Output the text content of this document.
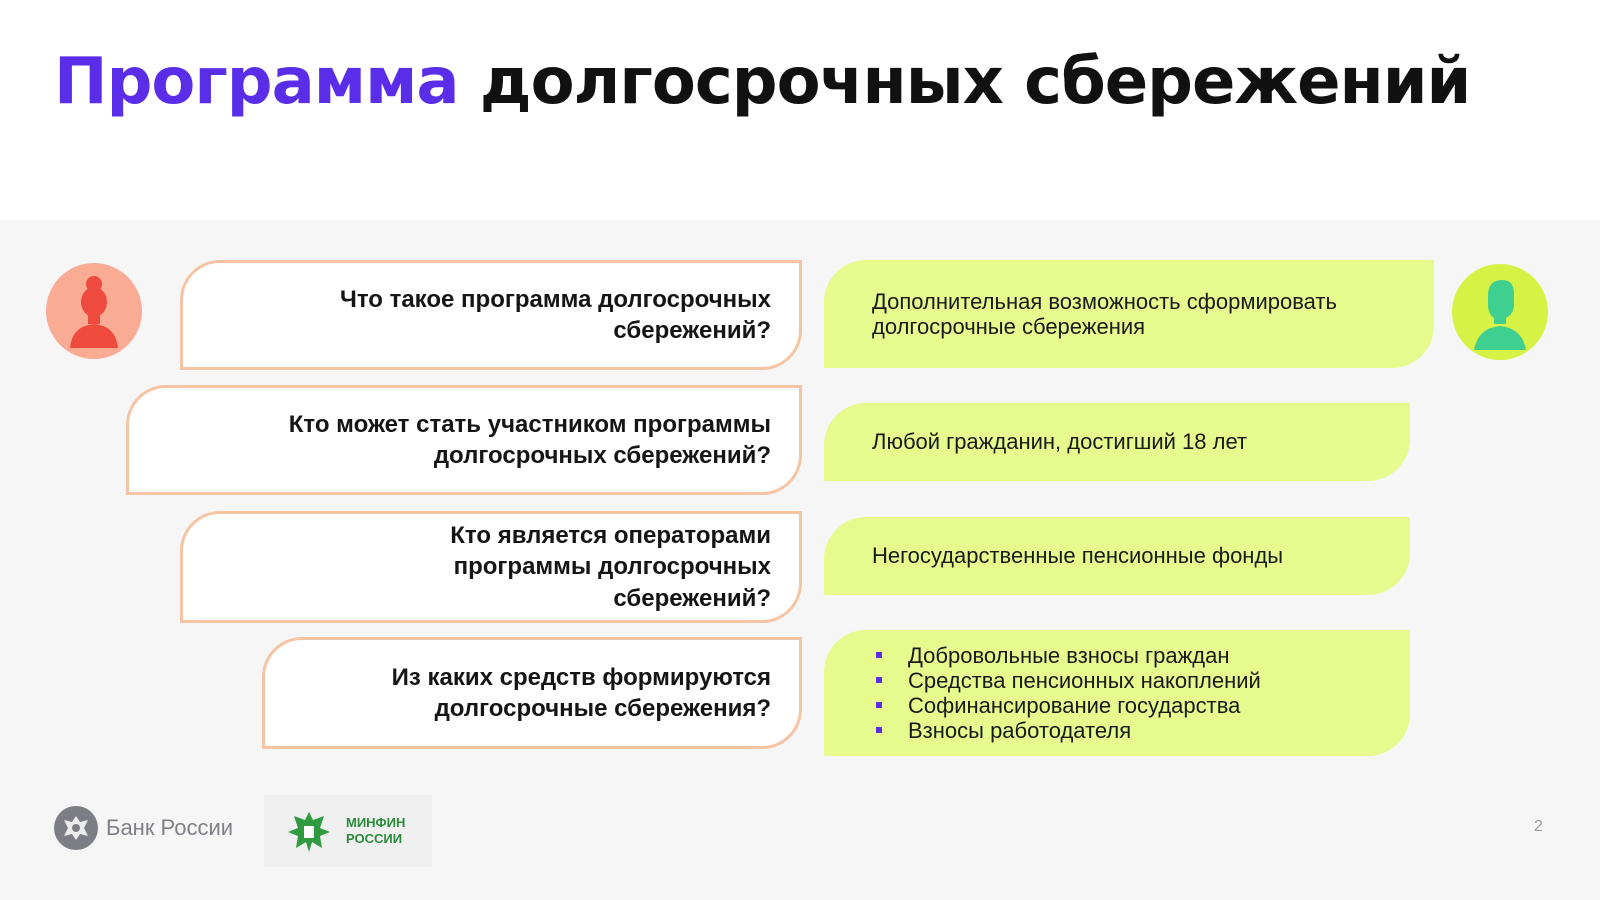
Программа долгосрочных сбережений
Что такое программа долгосрочных сбережений?
Дополнительная возможность сформировать долгосрочные сбережения
Кто может стать участником программы долгосрочных сбережений?
Любой гражданин, достигший 18 лет
Кто является операторами программы долгосрочных сбережений?
Негосударственные пенсионные фонды
Из каких средств формируются долгосрочные сбережения?
Добровольные взносы граждан
Средства пенсионных накоплений
Софинансирование государства
Взносы работодателя
Банк России	МИНФИН РОССИИ
2
